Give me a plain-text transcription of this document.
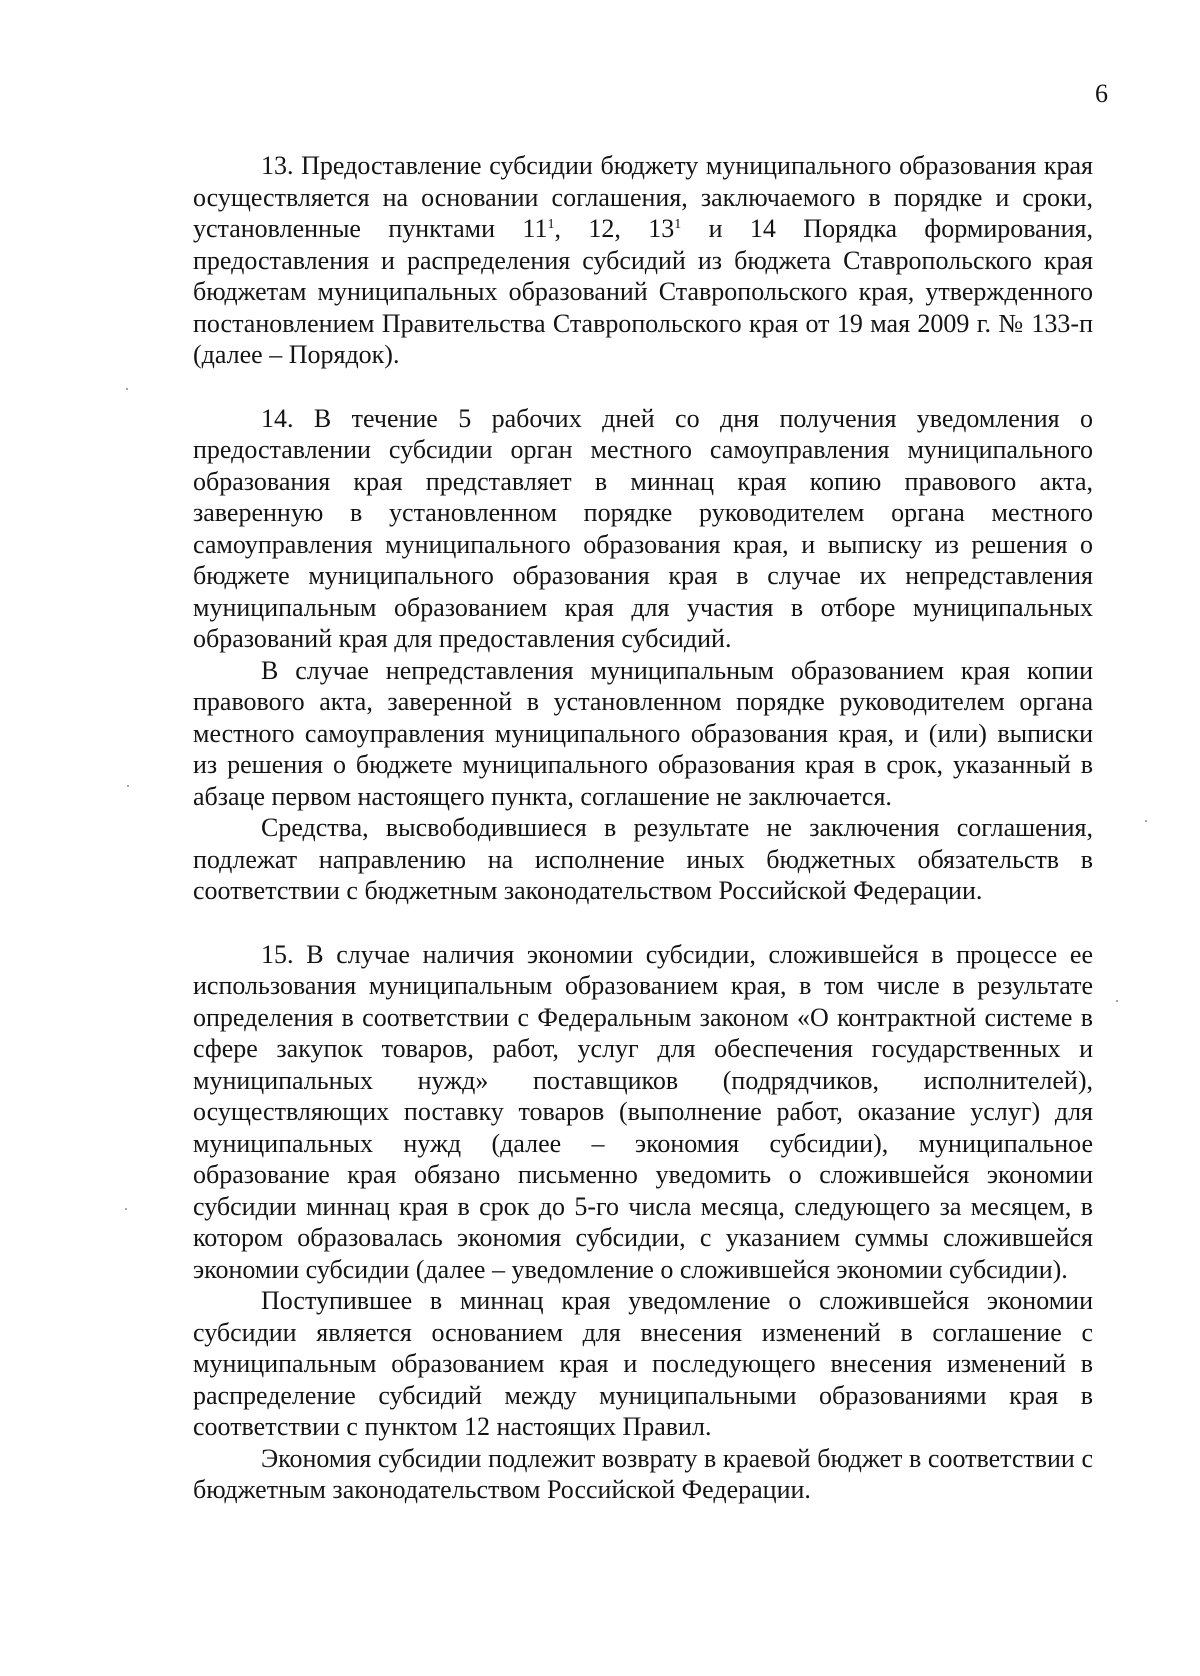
6

13. Предоставление субсидии бюджету муниципального образования края осуществляется на основании соглашения, заключаемого в порядке и сроки, установленные пунктами $11^1$, 12, $13^1$ и 14 Порядка формирования, предоставления и распределения субсидий из бюджета Ставропольского края бюджетам муниципальных образований Ставропольского края, утвержденного постановлением Правительства Ставропольского края от 19 мая 2009 г. № 133-п (далее – Порядок).

14. В течение 5 рабочих дней со дня получения уведомления о предоставлении субсидии орган местного самоуправления муниципального образования края представляет в миннац края копию правового акта, заверенную в установленном порядке руководителем органа местного самоуправления муниципального образования края, и выписку из решения о бюджете муниципального образования края в случае их непредставления муниципальным образованием края для участия в отборе муниципальных образований края для предоставления субсидий.

В случае непредставления муниципальным образованием края копии правового акта, заверенной в установленном порядке руководителем органа местного самоуправления муниципального образования края, и (или) выписки из решения о бюджете муниципального образования края в срок, указанный в абзаце первом настоящего пункта, соглашение не заключается.

Средства, высвободившиеся в результате не заключения соглашения, подлежат направлению на исполнение иных бюджетных обязательств в соответствии с бюджетным законодательством Российской Федерации.

15. В случае наличия экономии субсидии, сложившейся в процессе ее использования муниципальным образованием края, в том числе в результате определения в соответствии с Федеральным законом «О контрактной системе в сфере закупок товаров, работ, услуг для обеспечения государственных и муниципальных нужд» поставщиков (подрядчиков, исполнителей), осуществляющих поставку товаров (выполнение работ, оказание услуг) для муниципальных нужд (далее – экономия субсидии), муниципальное образование края обязано письменно уведомить о сложившейся экономии субсидии миннац края в срок до 5-го числа месяца, следующего за месяцем, в котором образовалась экономия субсидии, с указанием суммы сложившейся экономии субсидии (далее – уведомление о сложившейся экономии субсидии).

Поступившее в миннац края уведомление о сложившейся экономии субсидии является основанием для внесения изменений в соглашение с муниципальным образованием края и последующего внесения изменений в распределение субсидий между муниципальными образованиями края в соответствии с пунктом 12 настоящих Правил.

Экономия субсидии подлежит возврату в краевой бюджет в соответствии с бюджетным законодательством Российской Федерации.
